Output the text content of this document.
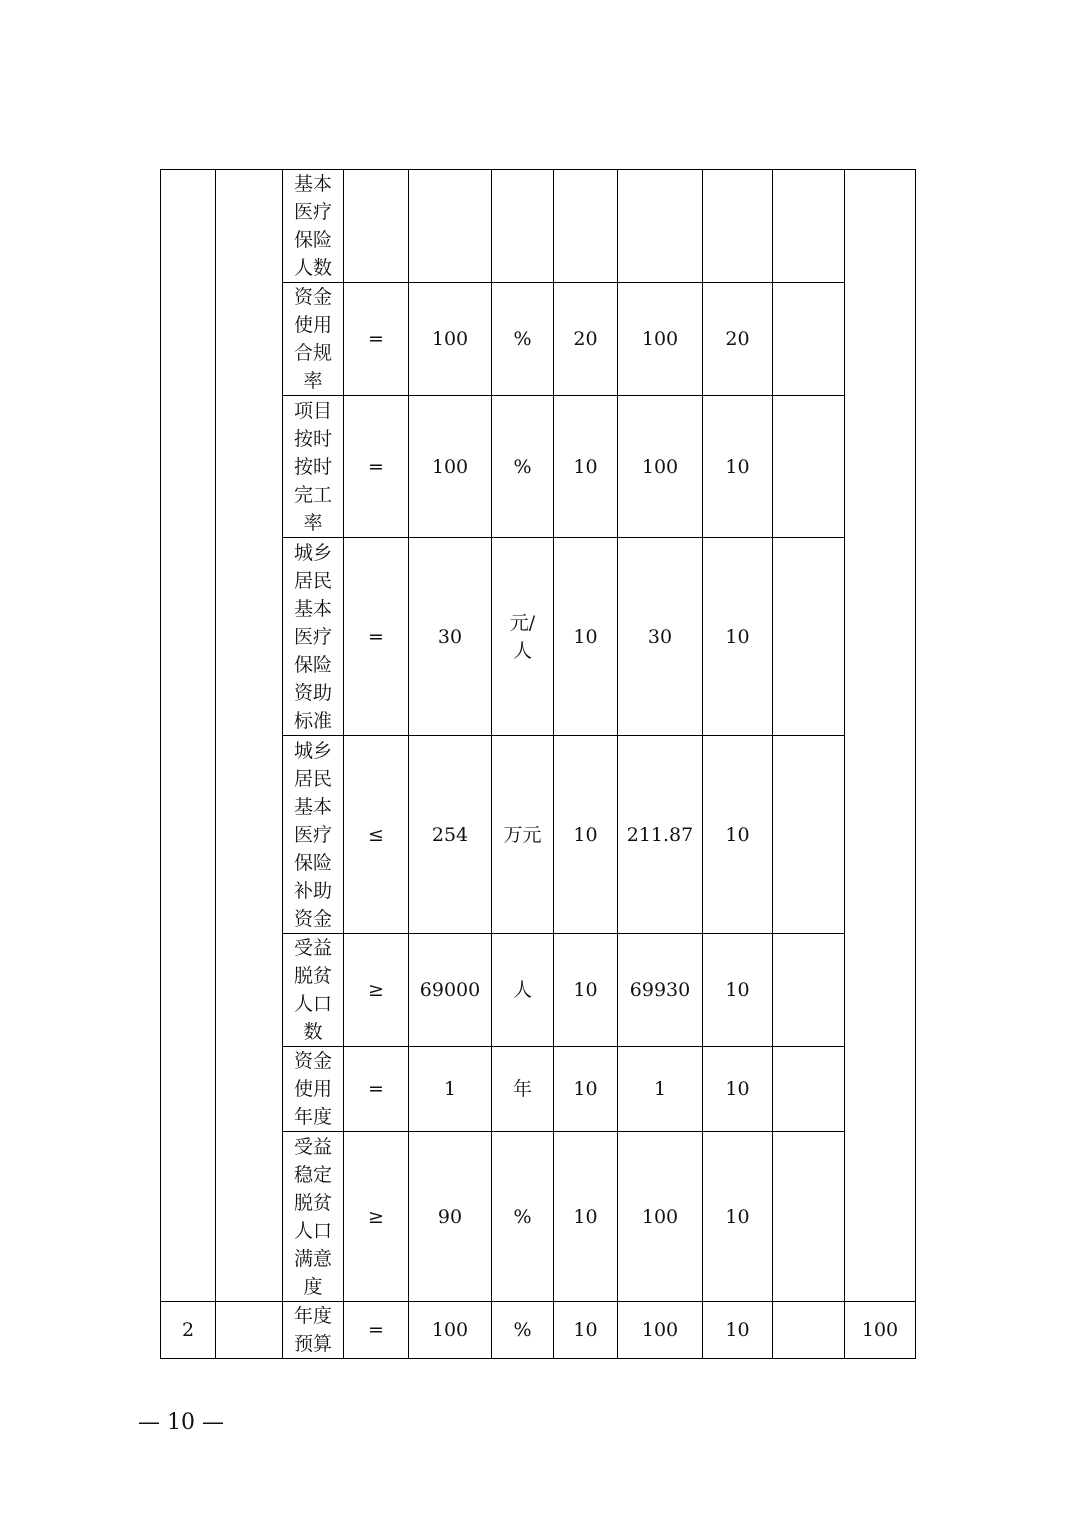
		基本医疗保险人数								
		资金使用合规率	=	100	%	20	100	20		
		项目按时按时完工率	=	100	%	10	100	10		
		城乡居民基本医疗保险资助标准	=	30	元/人	10	30	10		
		城乡居民基本医疗保险补助资金	≤	254	万元	10	211.87	10		
		受益脱贫人口数	≥	69000	人	10	69930	10		
		资金使用年度	=	1	年	10	1	10		
		受益稳定脱贫人口满意度	≥	90	%	10	100	10		
2		年度预算	=	100	%	10	100	10		100
— 10 —
